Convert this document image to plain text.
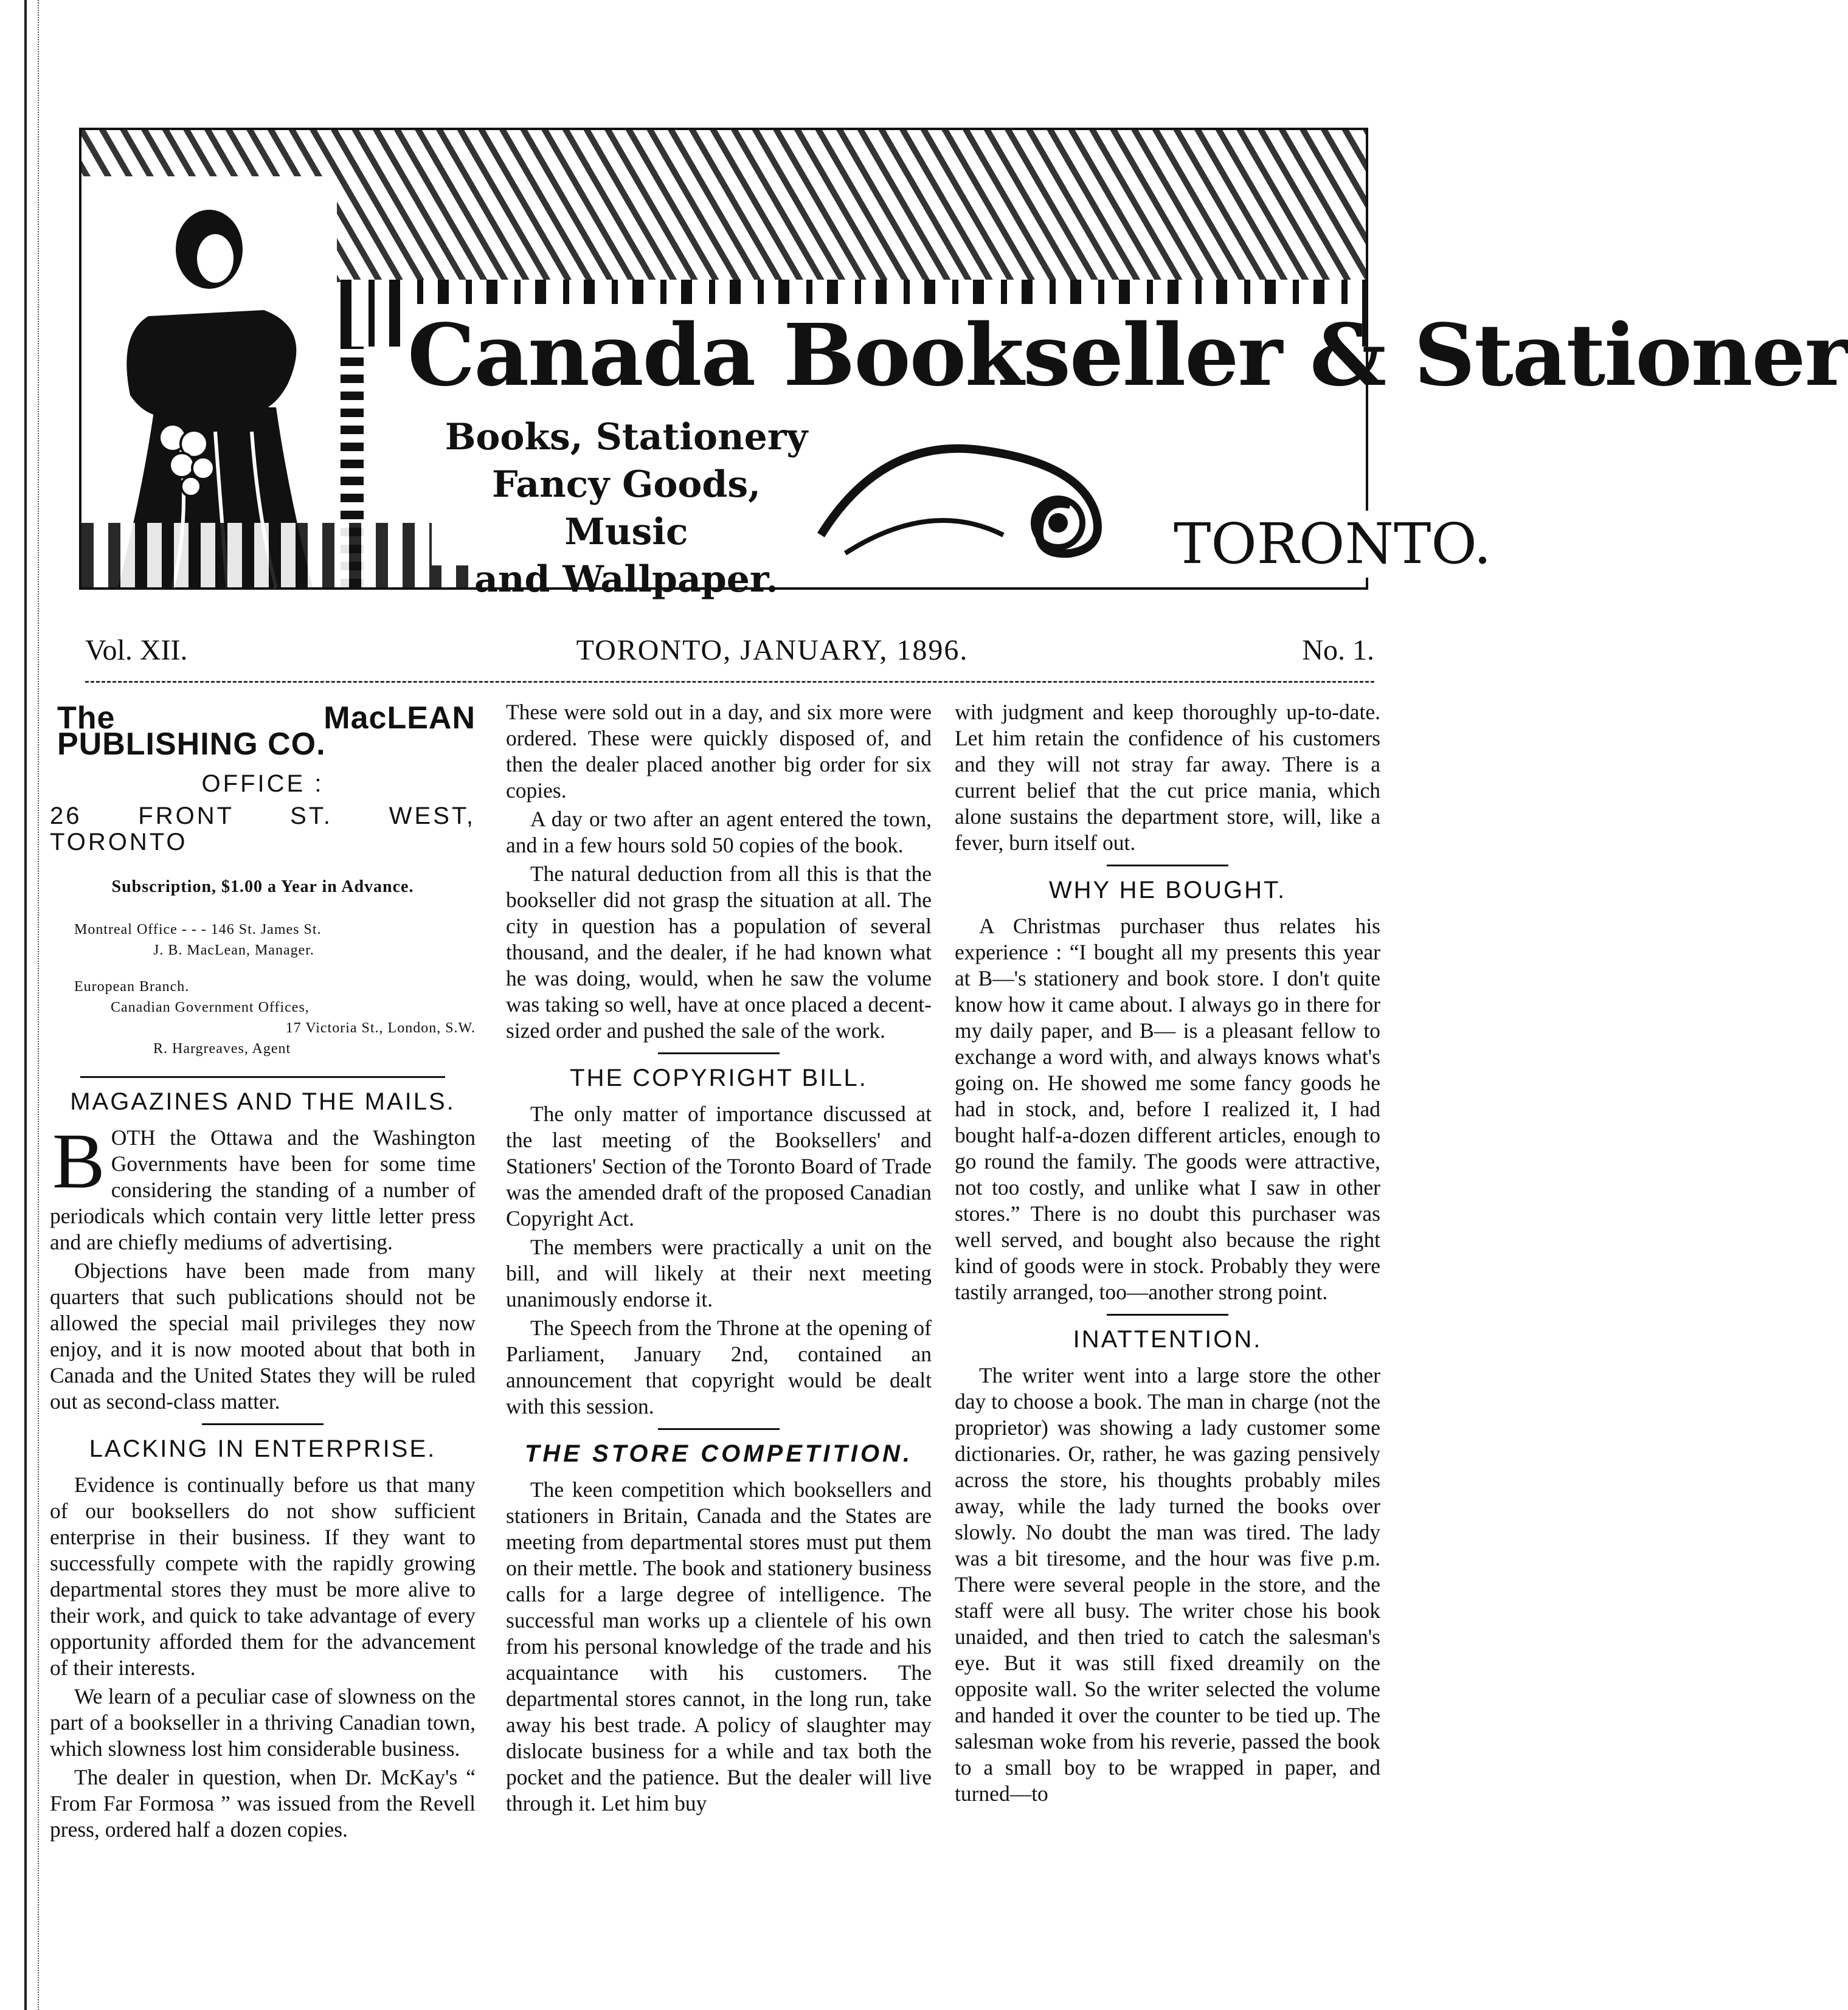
Canada Bookseller & Stationer
Books, Stationery
Fancy Goods, Music
and Wallpaper.
TORONTO.
Vol. XII.	TORONTO, JANUARY, 1896.	No. 1.
The MacLEAN PUBLISHING CO.
OFFICE :
26 FRONT ST. WEST, TORONTO
Subscription, $1.00 a Year in Advance.

Montreal Office - - - 146 St. James St.

J. B. MacLean, Manager.

European Branch.

Canadian Government Offices,

17 Victoria St., London, S.W.

R. Hargreaves, Agent

MAGAZINES AND THE MAILS.

BOTH the Ottawa and the Washington Governments have been for some time considering the standing of a number of periodicals which contain very little letter press and are chiefly mediums of advertising.

Objections have been made from many quarters that such publications should not be allowed the special mail privileges they now enjoy, and it is now mooted about that both in Canada and the United States they will be ruled out as second-class matter.

LACKING IN ENTERPRISE.

Evidence is continually before us that many of our booksellers do not show sufficient enterprise in their business. If they want to successfully compete with the rapidly growing departmental stores they must be more alive to their work, and quick to take advantage of every opportunity afforded them for the advancement of their interests.

We learn of a peculiar case of slowness on the part of a bookseller in a thriving Canadian town, which slowness lost him considerable business.

The dealer in question, when Dr. McKay's “ From Far Formosa ” was issued from the Revell press, ordered half a dozen copies.

These were sold out in a day, and six more were ordered. These were quickly disposed of, and then the dealer placed another big order for six copies.

A day or two after an agent entered the town, and in a few hours sold 50 copies of the book.

The natural deduction from all this is that the bookseller did not grasp the situation at all. The city in question has a population of several thousand, and the dealer, if he had known what he was doing, would, when he saw the volume was taking so well, have at once placed a decent-sized order and pushed the sale of the work.

THE COPYRIGHT BILL.

The only matter of importance discussed at the last meeting of the Booksellers' and Stationers' Section of the Toronto Board of Trade was the amended draft of the proposed Canadian Copyright Act.

The members were practically a unit on the bill, and will likely at their next meeting unanimously endorse it.

The Speech from the Throne at the opening of Parliament, January 2nd, contained an announcement that copyright would be dealt with this session.

THE STORE COMPETITION.

The keen competition which booksellers and stationers in Britain, Canada and the States are meeting from departmental stores must put them on their mettle. The book and stationery business calls for a large degree of intelligence. The successful man works up a clientele of his own from his personal knowledge of the trade and his acquaintance with his customers. The departmental stores cannot, in the long run, take away his best trade. A policy of slaughter may dislocate business for a while and tax both the pocket and the patience. But the dealer will live through it. Let him buy

with judgment and keep thoroughly up-to-date. Let him retain the confidence of his customers and they will not stray far away. There is a current belief that the cut price mania, which alone sustains the department store, will, like a fever, burn itself out.

WHY HE BOUGHT.

A Christmas purchaser thus relates his experience : “I bought all my presents this year at B—'s stationery and book store. I don't quite know how it came about. I always go in there for my daily paper, and B— is a pleasant fellow to exchange a word with, and always knows what's going on. He showed me some fancy goods he had in stock, and, before I realized it, I had bought half-a-dozen different articles, enough to go round the family. The goods were attractive, not too costly, and unlike what I saw in other stores.” There is no doubt this purchaser was well served, and bought also because the right kind of goods were in stock. Probably they were tastily arranged, too—another strong point.

INATTENTION.

The writer went into a large store the other day to choose a book. The man in charge (not the proprietor) was showing a lady customer some dictionaries. Or, rather, he was gazing pensively across the store, his thoughts probably miles away, while the lady turned the books over slowly. No doubt the man was tired. The lady was a bit tiresome, and the hour was five p.m. There were several people in the store, and the staff were all busy. The writer chose his book unaided, and then tried to catch the salesman's eye. But it was still fixed dreamily on the opposite wall. So the writer selected the volume and handed it over the counter to be tied up. The salesman woke from his reverie, passed the book to a small boy to be wrapped in paper, and turned—to
